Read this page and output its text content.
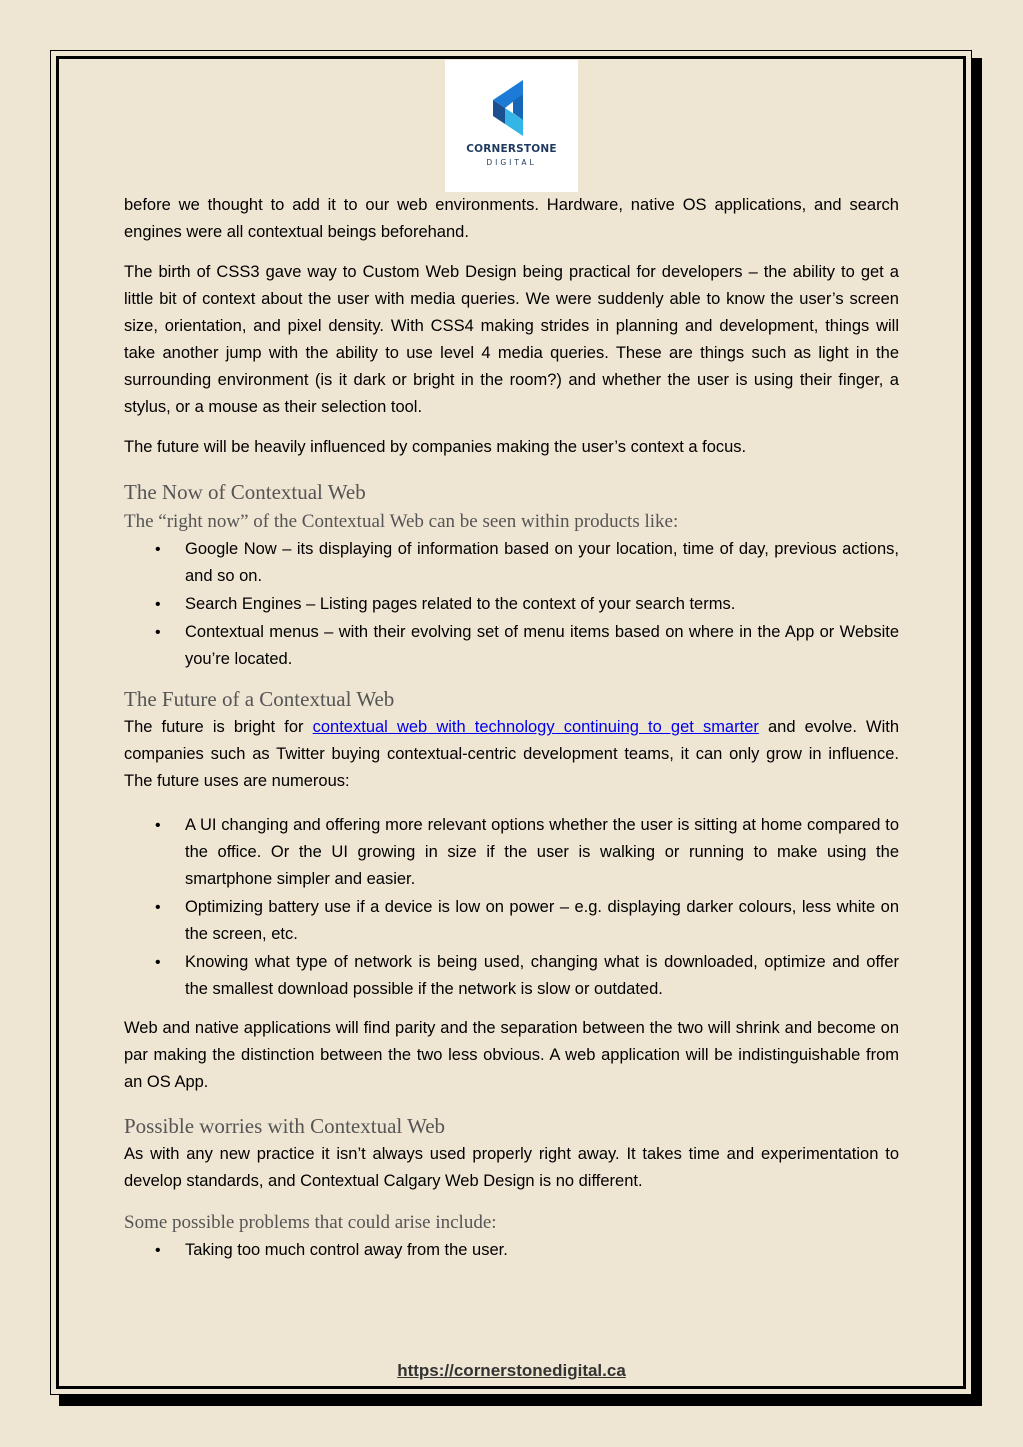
CORNERSTONE
DIGITAL

before we thought to add it to our web environments. Hardware, native OS applications, and search engines were all contextual beings beforehand.

The birth of CSS3 gave way to Custom Web Design being practical for developers – the ability to get a little bit of context about the user with media queries. We were suddenly able to know the user’s screen size, orientation, and pixel density. With CSS4 making strides in planning and development, things will take another jump with the ability to use level 4 media queries. These are things such as light in the surrounding environment (is it dark or bright in the room?) and whether the user is using their finger, a stylus, or a mouse as their selection tool.

The future will be heavily influenced by companies making the user’s context a focus.

The Now of Contextual Web
The “right now” of the Contextual Web can be seen within products like:
• Google Now – its displaying of information based on your location, time of day, previous actions, and so on.
• Search Engines – Listing pages related to the context of your search terms.
• Contextual menus – with their evolving set of menu items based on where in the App or Website you’re located.
The Future of a Contextual Web

The future is bright for contextual web with technology continuing to get smarter and evolve. With companies such as Twitter buying contextual-centric development teams, it can only grow in influence. The future uses are numerous:

• A UI changing and offering more relevant options whether the user is sitting at home compared to the office. Or the UI growing in size if the user is walking or running to make using the smartphone simpler and easier.
• Optimizing battery use if a device is low on power – e.g. displaying darker colours, less white on the screen, etc.
• Knowing what type of network is being used, changing what is downloaded, optimize and offer the smallest download possible if the network is slow or outdated.

Web and native applications will find parity and the separation between the two will shrink and become on par making the distinction between the two less obvious. A web application will be indistinguishable from an OS App.

Possible worries with Contextual Web

As with any new practice it isn’t always used properly right away. It takes time and experimentation to develop standards, and Contextual Calgary Web Design is no different.

Some possible problems that could arise include:
• Taking too much control away from the user.
https://cornerstonedigital.ca
